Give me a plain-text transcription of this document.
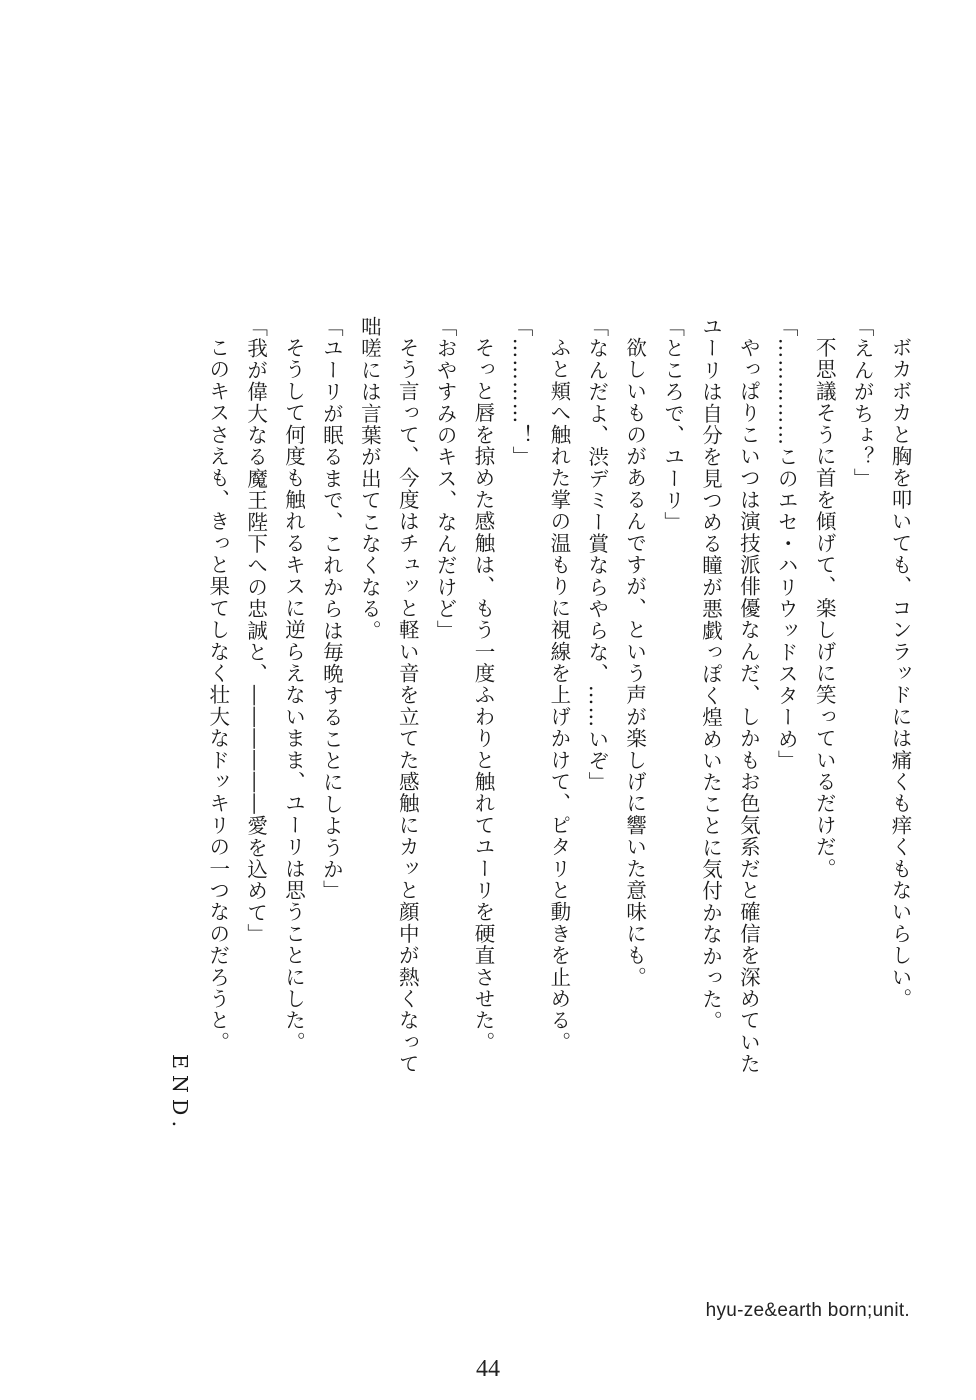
ボカボカと胸を叩いても、コンラッドには痛くも痒くもないらしい。

「えんがちょ？」

不思議そうに首を傾げて、楽しげに笑っているだけだ。

「……………このエセ・ハリウッドスターめ」

やっぱりこいつは演技派俳優なんだ、しかもお色気系だと確信を深めていた

ユーリは自分を見つめる瞳が悪戯っぽく煌めいたことに気付かなかった。

「ところで、ユーリ」

欲しいものがあるんですが、という声が楽しげに響いた意味にも。

「なんだよ、渋デミー賞ならやらな、……いぞ」

ふと頬へ触れた掌の温もりに視線を上げかけて、ピタリと動きを止める。

「…………！」

そっと唇を掠めた感触は、もう一度ふわりと触れてユーリを硬直させた。

「おやすみのキス、なんだけど」

そう言って、今度はチュッと軽い音を立てた感触にカッと顔中が熱くなって

咄嗟には言葉が出てこなくなる。

「ユーリが眠るまで、これからは毎晩することにしようか」

そうして何度も触れるキスに逆らえないまま、ユーリは思うことにした。

「我が偉大なる魔王陛下への忠誠と、――――――愛を込めて」

このキスさえも、きっと果てしなく壮大なドッキリの一つなのだろうと。

END.

hyu-ze&earth born;unit.
44
